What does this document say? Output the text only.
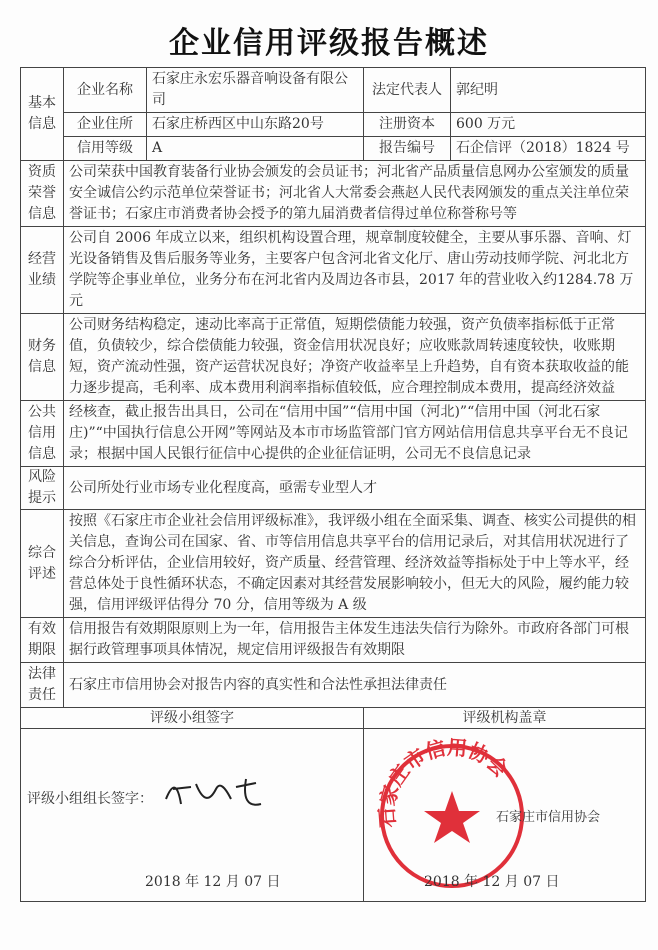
企业信用评级报告概述
基本信息	企业名称	石家庄永宏乐器音响设备有限公司	法定代表人	郭纪明
	企业住所	石家庄桥西区中山东路20号	注册资本	600 万元
	信用等级	A	报告编号	石企信评（2018）1824 号
资质荣誉信息	公司荣获中国教育装备行业协会颁发的会员证书；河北省产品质量信息网办公室颁发的质量安全诚信公约示范单位荣誉证书；河北省人大常委会燕赵人民代表网颁发的重点关注单位荣誉证书；石家庄市消费者协会授予的第九届消费者信得过单位称誉称号等			
经营业绩	公司自 2006 年成立以来，组织机构设置合理，规章制度较健全，主要从事乐器、音响、灯光设备销售及售后服务等业务，主要客户包含河北省文化厅、唐山劳动技师学院、河北北方学院等企事业单位，业务分布在河北省内及周边各市县，2017 年的营业收入约1284.78 万元			
财务信息	公司财务结构稳定，速动比率高于正常值，短期偿债能力较强，资产负债率指标低于正常值，负债较少，综合偿债能力较强，资金信用状况良好；应收账款周转速度较快，收账期短，资产流动性强，资产运营状况良好；净资产收益率呈上升趋势，自有资本获取收益的能力逐步提高，毛利率、成本费用利润率指标值较低，应合理控制成本费用，提高经济效益			
公共信用信息	经核查，截止报告出具日，公司在“信用中国”“信用中国（河北)”“信用中国（河北石家庄)”“中国执行信息公开网”等网站及本市市场监管部门官方网站信用信息共享平台无不良记录；根据中国人民银行征信中心提供的企业征信证明，公司无不良信息记录			
风险提示	公司所处行业市场专业化程度高，亟需专业型人才			
综合评述	按照《石家庄市企业社会信用评级标准》，我评级小组在全面采集、调查、核实公司提供的相关信息，查询公司在国家、省、市等信用信息共享平台的信用记录后，对其信用状况进行了综合分析评估，企业信用较好，资产质量、经营管理、经济效益等指标处于中上等水平，经营总体处于良性循环状态，不确定因素对其经营发展影响较小，但无大的风险，履约能力较强，信用评级评估得分 70 分，信用等级为 A 级			
有效期限	信用报告有效期限原则上为一年，信用报告主体发生违法失信行为除外。市政府各部门可根据行政管理事项具体情况，规定信用评级报告有效期限			
法律责任	石家庄市信用协会对报告内容的真实性和合法性承担法律责任			
评级小组签字			评级机构盖章	

评级小组组长签字：
2018 年 12 月 07 日			石家庄市信用协会
石家庄市信用协会
2018 年 12 月 07 日	
